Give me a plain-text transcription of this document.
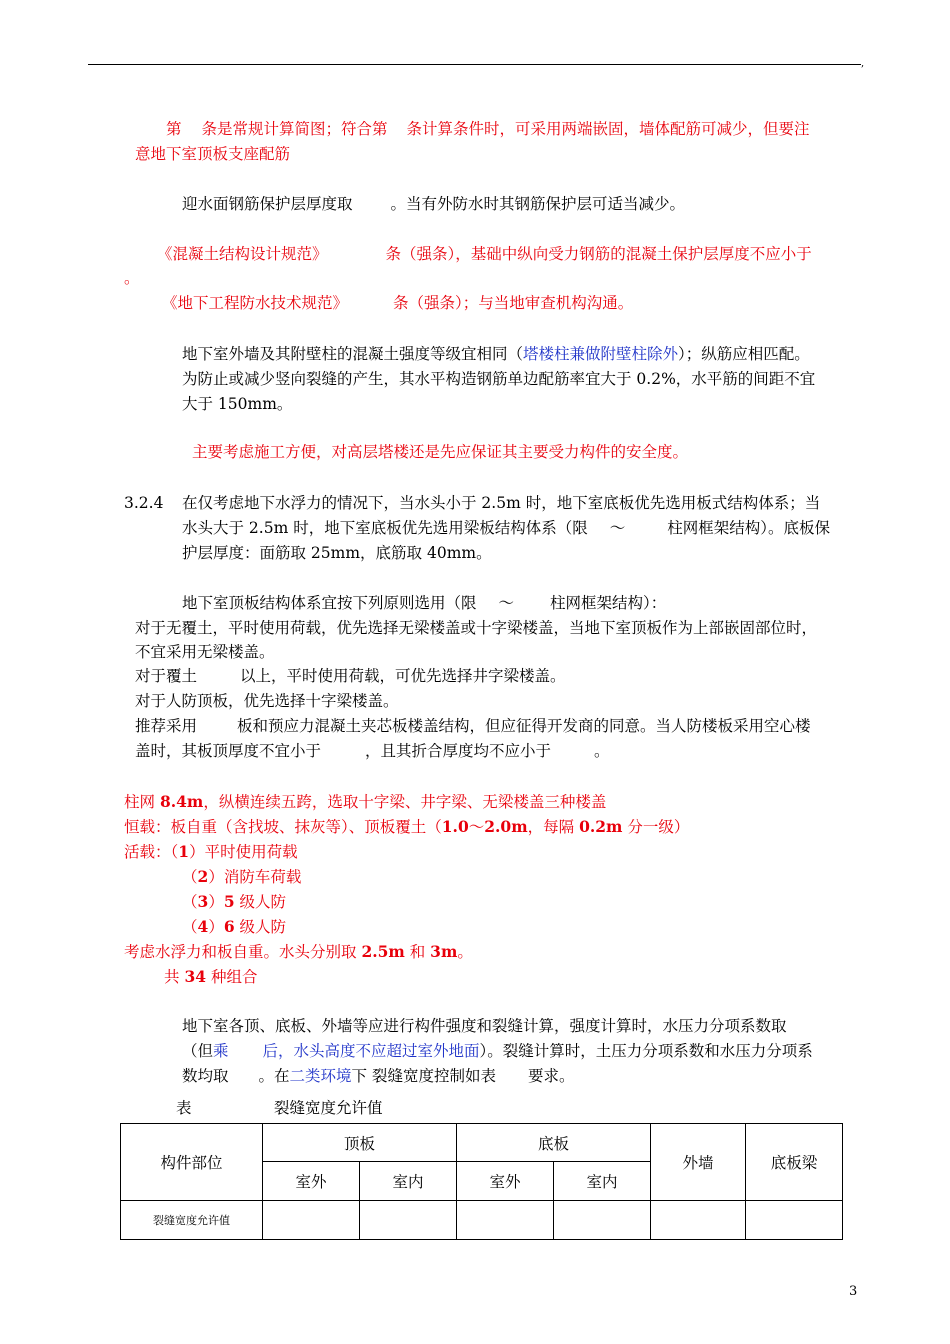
,
第 条是常规计算简图；符合第 条计算条件时，可采用两端嵌固，墙体配筋可减少，但要注
意地下室顶板支座配筋
迎水面钢筋保护层厚度取 。当有外防水时其钢筋保护层可适当减少。
《混凝土结构设计规范》	条（强条），基础中纵向受力钢筋的混凝土保护层厚度不应小于
。
《地下工程防水技术规范》	条（强条）；与当地审查机构沟通。
地下室外墙及其附壁柱的混凝土强度等级宜相同（塔楼柱兼做附壁柱除外）；纵筋应相匹配。
为防止或减少竖向裂缝的产生，其水平构造钢筋单边配筋率宜大于 0.2%，水平筋的间距不宜
大于 150mm。
主要考虑施工方便，对高层塔楼还是先应保证其主要受力构件的安全度。
3.2.4 在仅考虑地下水浮力的情况下，当水头小于 2.5m 时，地下室底板优先选用板式结构体系；当
水头大于 2.5m 时，地下室底板优先选用梁板结构体系（限 ～	柱网框架结构）。底板保
护层厚度：面筋取 25mm，底筋取 40mm。
地下室顶板结构体系宜按下列原则选用（限 ～ 柱网框架结构）：
对于无覆土，平时使用荷载，优先选择无梁楼盖或十字梁楼盖，当地下室顶板作为上部嵌固部位时，
不宜采用无梁楼盖。
对于覆土	以上，平时使用荷载，可优先选择井字梁楼盖。
对于人防顶板，优先选择十字梁楼盖。
推荐采用	板和预应力混凝土夹芯板楼盖结构，但应征得开发商的同意。当人防楼板采用空心楼
盖时，其板顶厚度不宜小于	，且其折合厚度均不应小于	。
柱网 8.4m，纵横连续五跨，选取十字梁、井字梁、无梁楼盖三种楼盖
恒载：板自重（含找坡、抹灰等）、顶板覆土（1.0～2.0m，每隔 0.2m 分一级）
活载：（1）平时使用荷载
（2）消防车荷载
（3）5 级人防
（4）6 级人防
考虑水浮力和板自重。水头分别取 2.5m 和 3m。
共 34 种组合
地下室各顶、底板、外墙等应进行构件强度和裂缝计算，强度计算时，水压力分项系数取
（但乘 后，水头高度不应超过室外地面）。裂缝计算时，土压力分项系数和水压力分项系
数均取 。在二类环境下 裂缝宽度控制如表 要求。
表	裂缝宽度允许值
构件部位	顶板		底板		外墙	底板梁
	室外	室内	室外	室内		
裂缝宽度允许值						
3
